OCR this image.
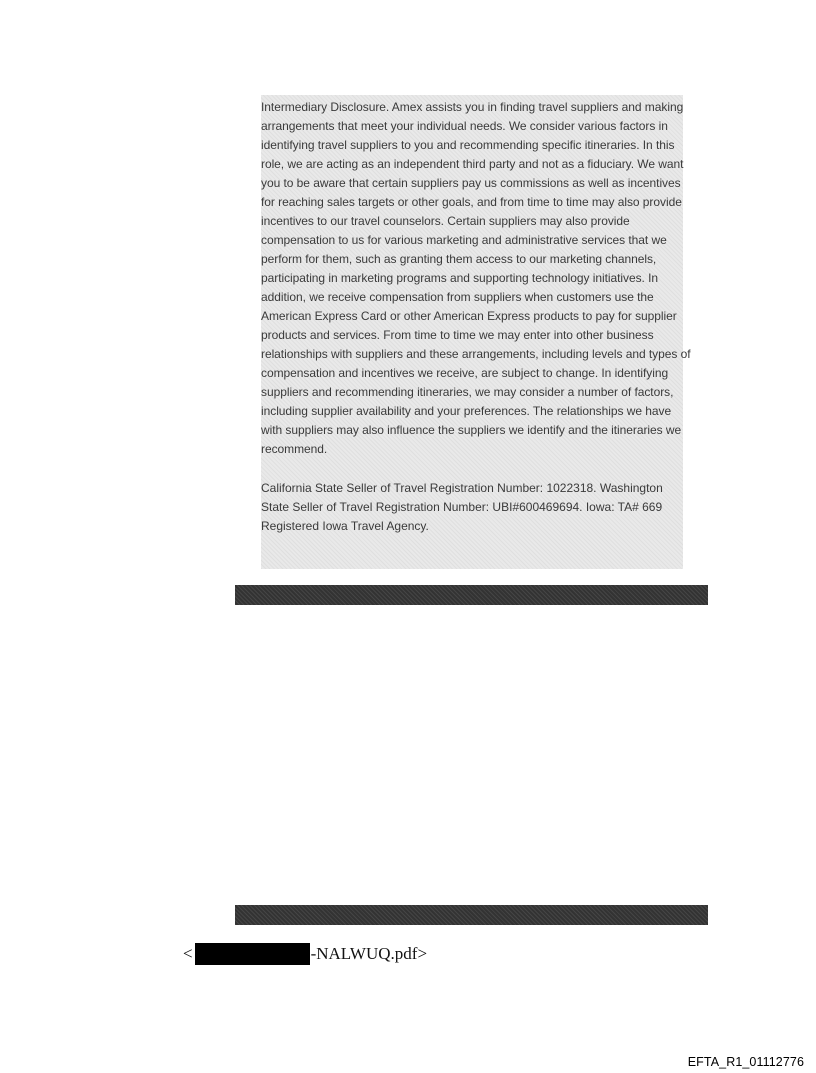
Intermediary Disclosure. Amex assists you in finding travel suppliers and making arrangements that meet your individual needs. We consider various factors in identifying travel suppliers to you and recommending specific itineraries. In this role, we are acting as an independent third party and not as a fiduciary. We want you to be aware that certain suppliers pay us commissions as well as incentives for reaching sales targets or other goals, and from time to time may also provide incentives to our travel counselors. Certain suppliers may also provide compensation to us for various marketing and administrative services that we perform for them, such as granting them access to our marketing channels, participating in marketing programs and supporting technology initiatives. In addition, we receive compensation from suppliers when customers use the American Express Card or other American Express products to pay for supplier products and services. From time to time we may enter into other business relationships with suppliers and these arrangements, including levels and types of compensation and incentives we receive, are subject to change. In identifying suppliers and recommending itineraries, we may consider a number of factors, including supplier availability and your preferences. The relationships we have with suppliers may also influence the suppliers we identify and the itineraries we recommend.

California State Seller of Travel Registration Number: 1022318. Washington State Seller of Travel Registration Number: UBI#600469694. Iowa: TA# 669 Registered Iowa Travel Agency.

<	-NALWUQ.pdf>
EFTA_R1_01112776
